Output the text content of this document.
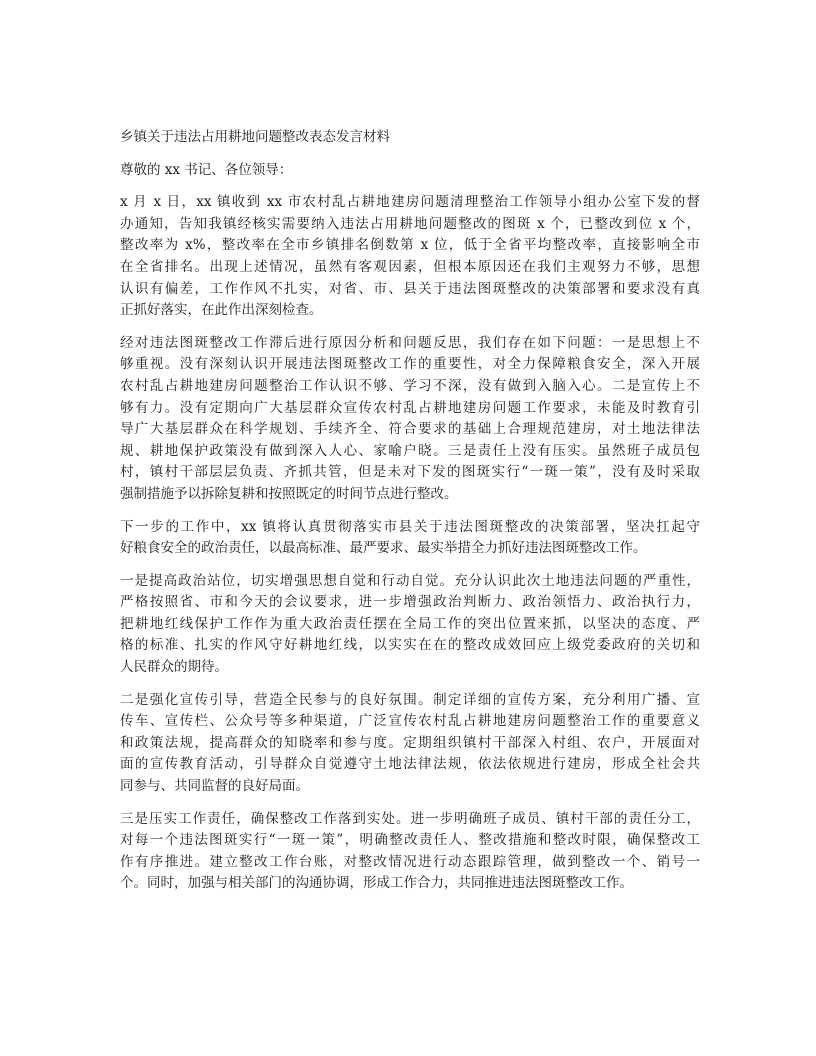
乡镇关于违法占用耕地问题整改表态发言材料
尊敬的 xx 书记、各位领导：
x 月 x 日，xx 镇收到 xx 市农村乱占耕地建房问题清理整治工作领导小组办公室下发的督
办通知，告知我镇经核实需要纳入违法占用耕地问题整改的图斑 x 个，已整改到位 x 个，
整改率为 x%，整改率在全市乡镇排名倒数第 x 位，低于全省平均整改率，直接影响全市
在全省排名。出现上述情况，虽然有客观因素，但根本原因还在我们主观努力不够，思想
认识有偏差，工作作风不扎实，对省、市、县关于违法图斑整改的决策部署和要求没有真
正抓好落实，在此作出深刻检查。
经对违法图斑整改工作滞后进行原因分析和问题反思，我们存在如下问题：一是思想上不
够重视。没有深刻认识开展违法图斑整改工作的重要性，对全力保障粮食安全，深入开展
农村乱占耕地建房问题整治工作认识不够、学习不深，没有做到入脑入心。二是宣传上不
够有力。没有定期向广大基层群众宣传农村乱占耕地建房问题工作要求，未能及时教育引
导广大基层群众在科学规划、手续齐全、符合要求的基础上合理规范建房，对土地法律法
规、耕地保护政策没有做到深入人心、家喻户晓。三是责任上没有压实。虽然班子成员包
村，镇村干部层层负责、齐抓共管，但是未对下发的图斑实行“一斑一策”，没有及时采取
强制措施予以拆除复耕和按照既定的时间节点进行整改。
下一步的工作中，xx 镇将认真贯彻落实市县关于违法图斑整改的决策部署，坚决扛起守
好粮食安全的政治责任，以最高标准、最严要求、最实举措全力抓好违法图斑整改工作。
一是提高政治站位，切实增强思想自觉和行动自觉。充分认识此次土地违法问题的严重性，
严格按照省、市和今天的会议要求，进一步增强政治判断力、政治领悟力、政治执行力，
把耕地红线保护工作作为重大政治责任摆在全局工作的突出位置来抓，以坚决的态度、严
格的标准、扎实的作风守好耕地红线，以实实在在的整改成效回应上级党委政府的关切和
人民群众的期待。
二是强化宣传引导，营造全民参与的良好氛围。制定详细的宣传方案，充分利用广播、宣
传车、宣传栏、公众号等多种渠道，广泛宣传农村乱占耕地建房问题整治工作的重要意义
和政策法规，提高群众的知晓率和参与度。定期组织镇村干部深入村组、农户，开展面对
面的宣传教育活动，引导群众自觉遵守土地法律法规，依法依规进行建房，形成全社会共
同参与、共同监督的良好局面。
三是压实工作责任，确保整改工作落到实处。进一步明确班子成员、镇村干部的责任分工，
对每一个违法图斑实行“一斑一策”，明确整改责任人、整改措施和整改时限，确保整改工
作有序推进。建立整改工作台账，对整改情况进行动态跟踪管理，做到整改一个、销号一
个。同时，加强与相关部门的沟通协调，形成工作合力，共同推进违法图斑整改工作。
